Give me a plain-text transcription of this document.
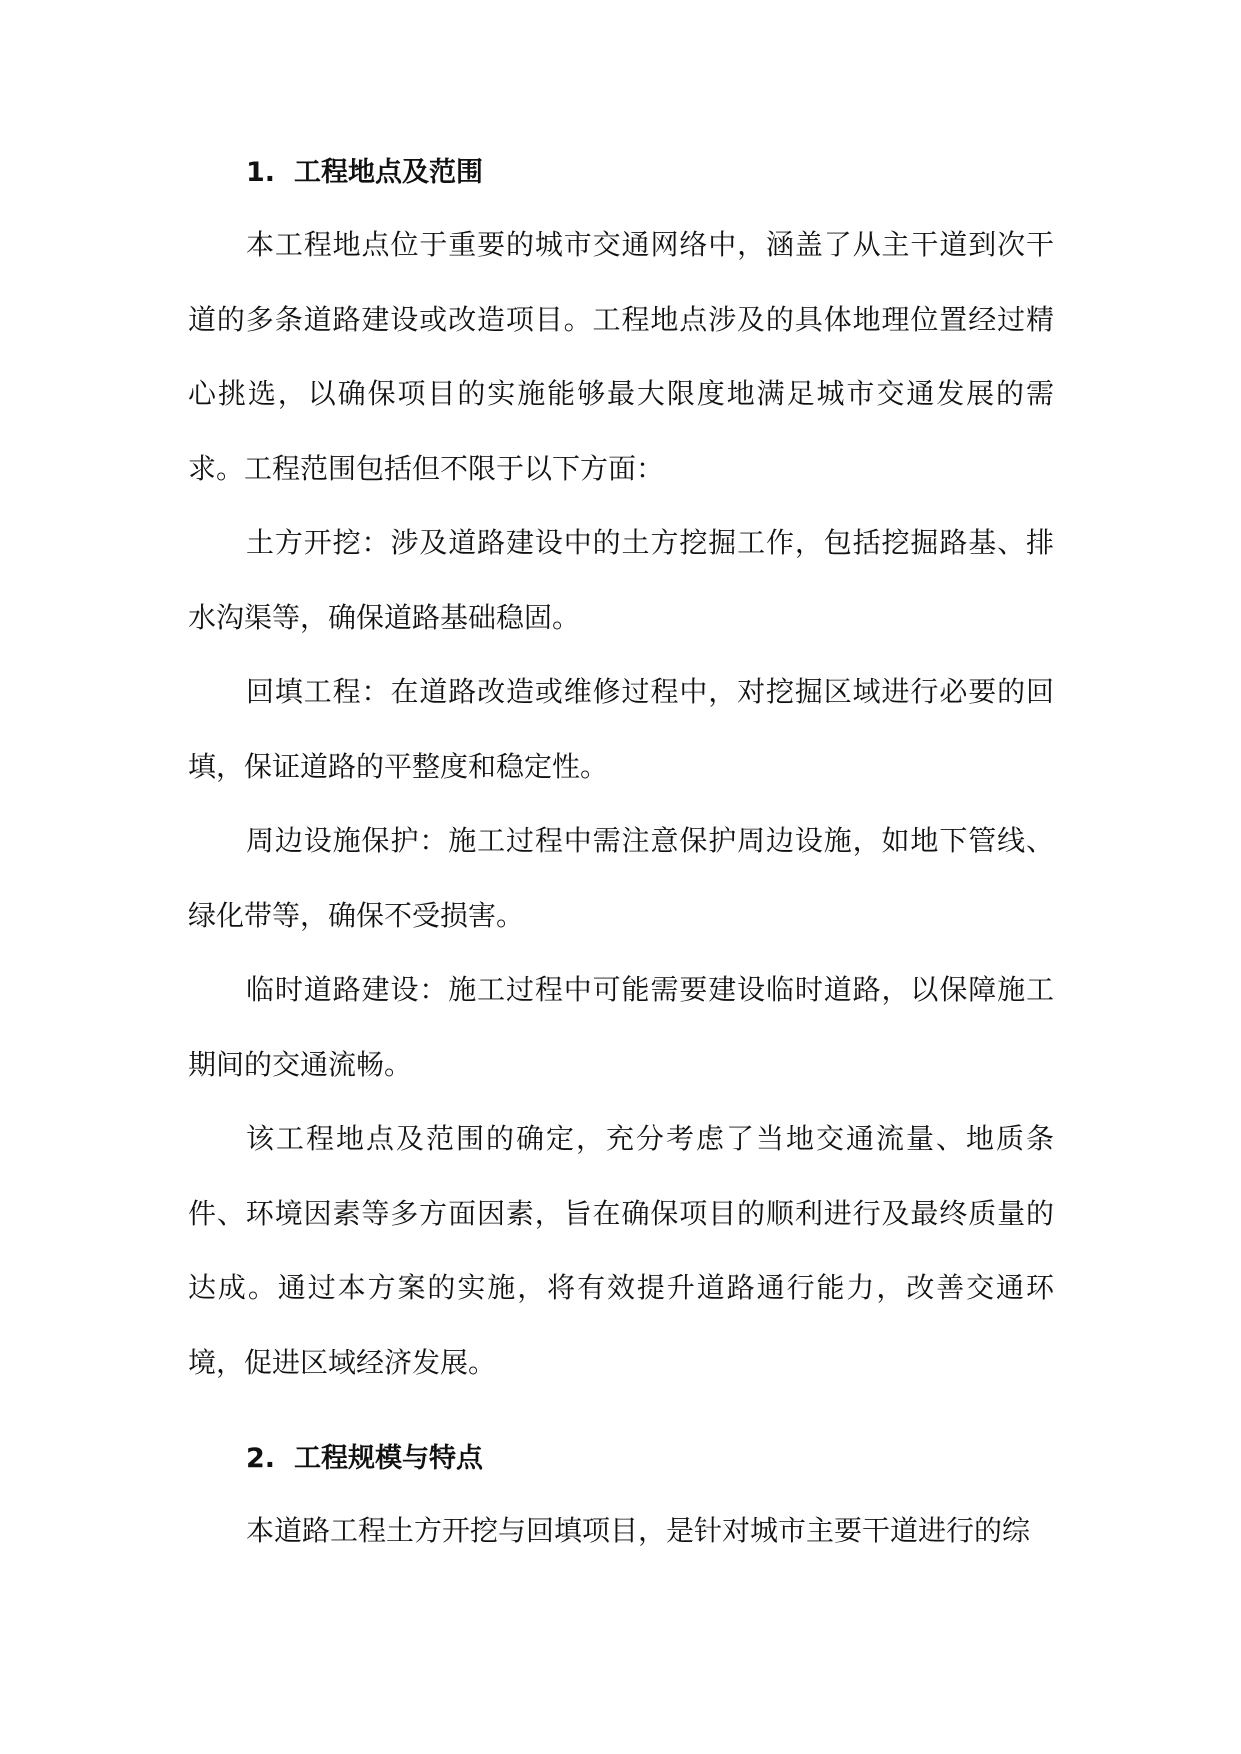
1. 工程地点及范围

本工程地点位于重要的城市交通网络中，涵盖了从主干道到次干道的多条道路建设或改造项目。工程地点涉及的具体地理位置经过精心挑选，以确保项目的实施能够最大限度地满足城市交通发展的需求。工程范围包括但不限于以下方面：

土方开挖：涉及道路建设中的土方挖掘工作，包括挖掘路基、排水沟渠等，确保道路基础稳固。

回填工程：在道路改造或维修过程中，对挖掘区域进行必要的回填，保证道路的平整度和稳定性。

周边设施保护：施工过程中需注意保护周边设施，如地下管线、绿化带等，确保不受损害。

临时道路建设：施工过程中可能需要建设临时道路，以保障施工期间的交通流畅。

该工程地点及范围的确定，充分考虑了当地交通流量、地质条件、环境因素等多方面因素，旨在确保项目的顺利进行及最终质量的达成。通过本方案的实施，将有效提升道路通行能力，改善交通环境，促进区域经济发展。

2. 工程规模与特点

本道路工程土方开挖与回填项目，是针对城市主要干道进行的综
